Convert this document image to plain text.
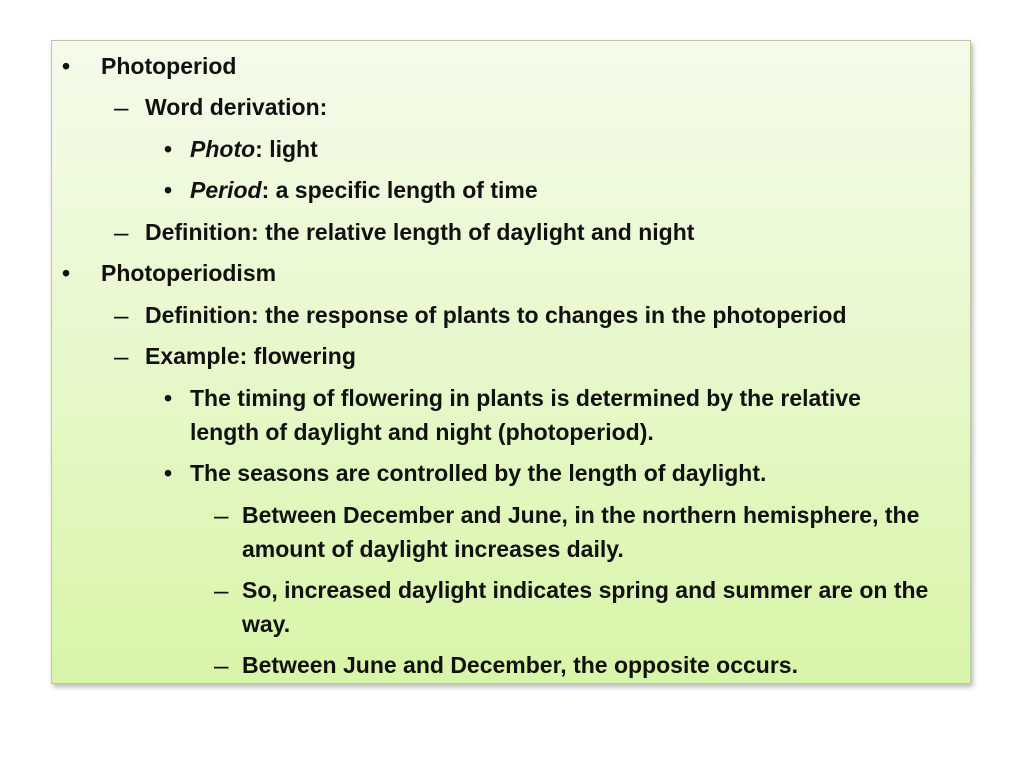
•	Photoperiod
– Word derivation:
• Photo: light
• Period: a specific length of time
– Definition: the relative length of daylight and night
•	Photoperiodism
– Definition: the response of plants to changes in the photoperiod
– Example: flowering
• The timing of flowering in plants is determined by the relative length of daylight and night (photoperiod).
• The seasons are controlled by the length of daylight.
– Between December and June, in the northern hemisphere, the amount of daylight increases daily.
– So, increased daylight indicates spring and summer are on the way.
– Between June and December, the opposite occurs.
